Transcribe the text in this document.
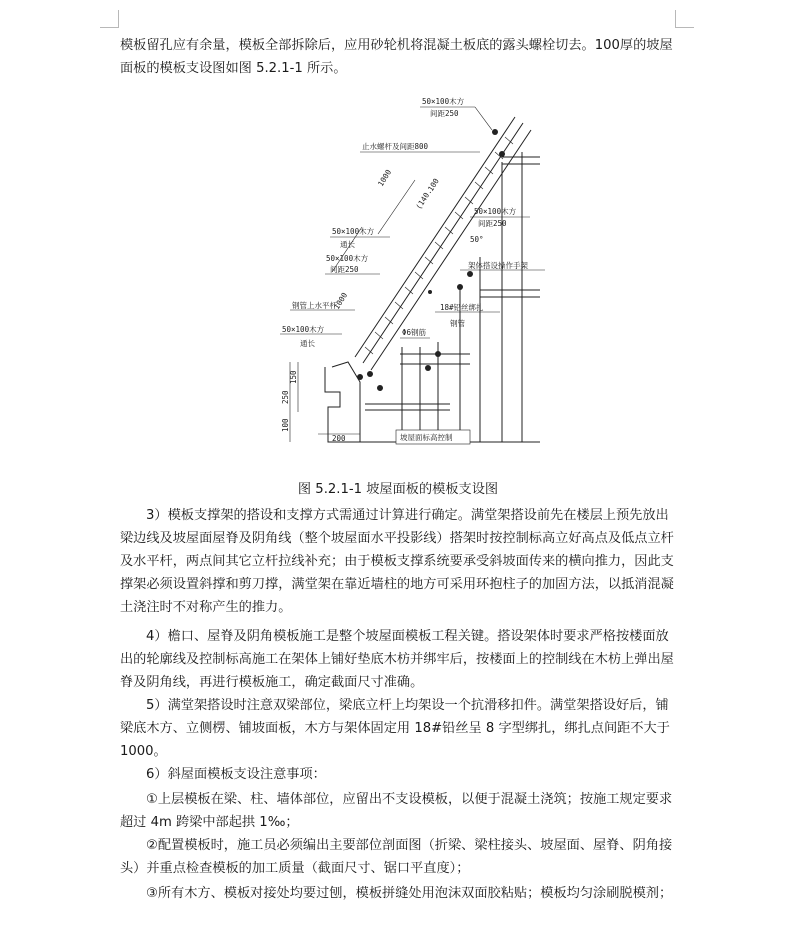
模板留孔应有余量，模板全部拆除后，应用砂轮机将混凝土板底的露头螺栓切去。100厚的坡屋面板的模板支设图如图 5.2.1-1 所示。

50×100木方
间距250
止水螺杆及间距800
1000	100
(140.
50×100木方
间距250
50×100木方
通长
50×100木方
间距250
1000
架体搭设操作手架
钢管上水平杆	18#铅丝绑扎
Φ6钢筋
钢管
50×100木方
通长
150
250
100
200	坡屋面标高控制
50°
图 5.2.1-1 坡屋面板的模板支设图

3）模板支撑架的搭设和支撑方式需通过计算进行确定。满堂架搭设前先在楼层上预先放出梁边线及坡屋面屋脊及阴角线（整个坡屋面水平投影线）搭架时按控制标高立好高点及低点立杆及水平杆，两点间其它立杆拉线补充；由于模板支撑系统要承受斜坡面传来的横向推力，因此支撑架必须设置斜撑和剪刀撑，满堂架在靠近墙柱的地方可采用环抱柱子的加固方法，以抵消混凝土浇注时不对称产生的推力。

4）檐口、屋脊及阴角模板施工是整个坡屋面模板工程关键。搭设架体时要求严格按楼面放出的轮廓线及控制标高施工在架体上铺好垫底木枋并绑牢后，按楼面上的控制线在木枋上弹出屋脊及阴角线，再进行模板施工，确定截面尺寸准确。

5）满堂架搭设时注意双梁部位，梁底立杆上均架设一个抗滑移扣件。满堂架搭设好后，铺梁底木方、立侧楞、铺坡面板，木方与架体固定用 18#铅丝呈 8 字型绑扎，绑扎点间距不大于 1000。

6）斜屋面模板支设注意事项：

①上层模板在梁、柱、墙体部位，应留出不支设模板，以便于混凝土浇筑；按施工规定要求超过 4m 跨梁中部起拱 1‰；

②配置模板时，施工员必须编出主要部位剖面图（折梁、梁柱接头、坡屋面、屋脊、阴角接头）并重点检查模板的加工质量（截面尺寸、锯口平直度）；

③所有木方、模板对接处均要过刨，模板拼缝处用泡沫双面胶粘贴；模板均匀涂刷脱模剂；
